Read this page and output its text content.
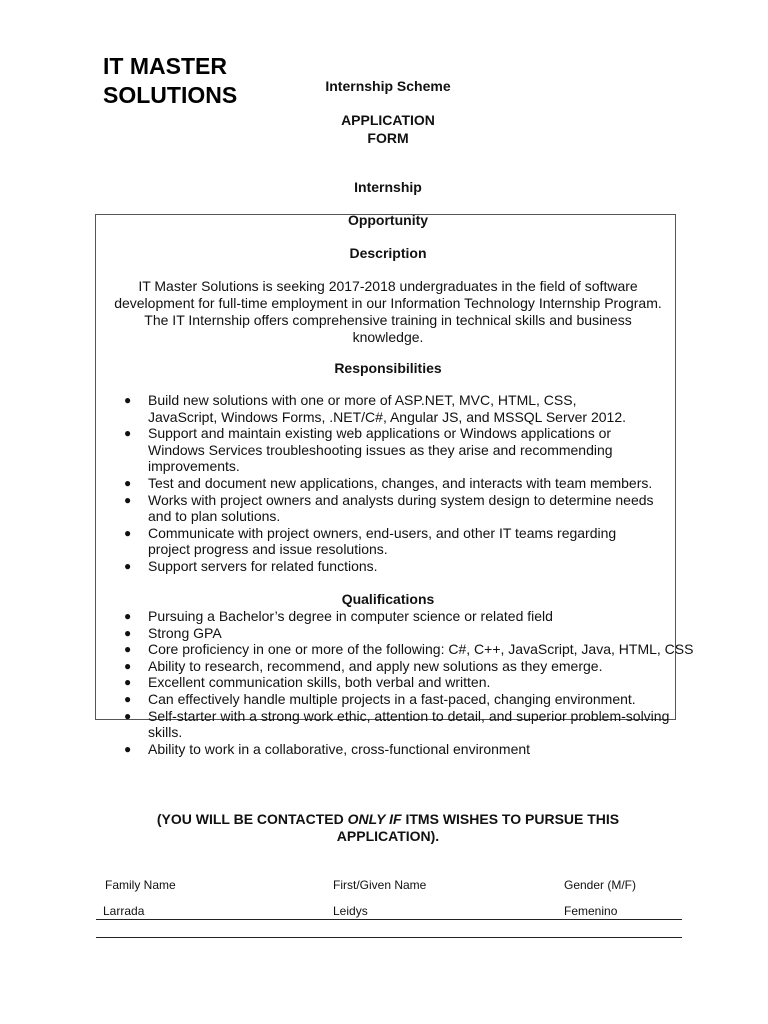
IT MASTER
SOLUTIONS	Internship Scheme
APPLICATION
FORM
Internship
Opportunity
Description
IT Master Solutions is seeking 2017-2018 undergraduates in the field of software
development for full-time employment in our Information Technology Internship Program.
The IT Internship offers comprehensive training in technical skills and business
knowledge.
Responsibilities
● Build new solutions with one or more of ASP.NET, MVC, HTML, CSS,
JavaScript, Windows Forms, .NET/C#, Angular JS, and MSSQL Server 2012.
● Support and maintain existing web applications or Windows applications or
Windows Services troubleshooting issues as they arise and recommending
improvements.
● Test and document new applications, changes, and interacts with team members.
● Works with project owners and analysts during system design to determine needs
and to plan solutions.
● Communicate with project owners, end-users, and other IT teams regarding
project progress and issue resolutions.
● Support servers for related functions.
Qualifications
● Pursuing a Bachelor’s degree in computer science or related field
● Strong GPA
● Core proficiency in one or more of the following: C#, C++, JavaScript, Java, HTML, CSS
● Ability to research, recommend, and apply new solutions as they emerge.
● Excellent communication skills, both verbal and written.
● Can effectively handle multiple projects in a fast-paced, changing environment.
● Self-starter with a strong work ethic, attention to detail, and superior problem-solving
skills.
● Ability to work in a collaborative, cross-functional environment
(YOU WILL BE CONTACTED ONLY IF ITMS WISHES TO PURSUE THIS
APPLICATION).
Family Name	First/Given Name	Gender (M/F)
Larrada	Leidys	Femenino
